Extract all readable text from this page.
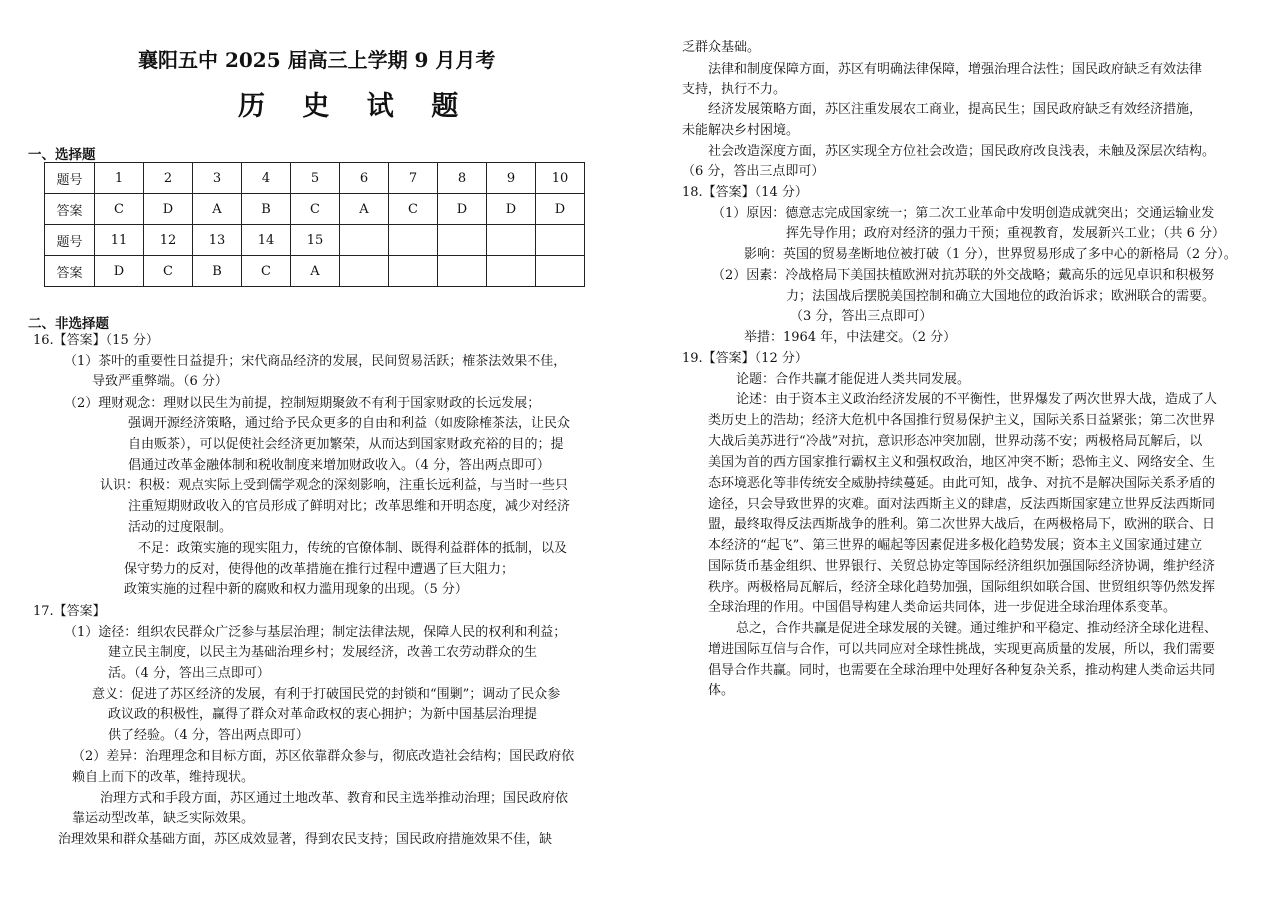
襄阳五中 2025 届高三上学期 9 月月考
历 史 试 题
一、选择题
题号	1	2	3	4	5	6	7	8	9	10
答案	C	D	A	B	C	A	C	D	D	D
题号	11	12	13	14	15					
答案	D	C	B	C	A					
二、非选择题
16.【答案】（15 分）
（1）茶叶的重要性日益提升；宋代商品经济的发展，民间贸易活跃；榷茶法效果不佳，
导致严重弊端。（6 分）
（2）理财观念：理财以民生为前提，控制短期聚敛不有利于国家财政的长远发展；
强调开源经济策略，通过给予民众更多的自由和利益（如废除榷茶法，让民众
自由贩茶），可以促使社会经济更加繁荣，从而达到国家财政充裕的目的；提
倡通过改革金融体制和税收制度来增加财政收入。（4 分，答出两点即可）
认识：积极：观点实际上受到儒学观念的深刻影响，注重长远利益，与当时一些只
注重短期财政收入的官员形成了鲜明对比；改革思维和开明态度，减少对经济
活动的过度限制。
不足：政策实施的现实阻力，传统的官僚体制、既得利益群体的抵制，以及
保守势力的反对，使得他的改革措施在推行过程中遭遇了巨大阻力；
政策实施的过程中新的腐败和权力滥用现象的出现。（5 分）
17.【答案】
（1）途径：组织农民群众广泛参与基层治理；制定法律法规，保障人民的权利和利益；
建立民主制度，以民主为基础治理乡村；发展经济，改善工农劳动群众的生
活。（4 分，答出三点即可）
意义：促进了苏区经济的发展，有利于打破国民党的封锁和“围剿”；调动了民众参
政议政的积极性，赢得了群众对革命政权的衷心拥护；为新中国基层治理提
供了经验。（4 分，答出两点即可）
（2）差异：治理理念和目标方面，苏区依靠群众参与，彻底改造社会结构；国民政府依
赖自上而下的改革，维持现状。
治理方式和手段方面，苏区通过土地改革、教育和民主选举推动治理；国民政府依
靠运动型改革，缺乏实际效果。
治理效果和群众基础方面，苏区成效显著，得到农民支持；国民政府措施效果不佳，缺
乏群众基础。
法律和制度保障方面，苏区有明确法律保障，增强治理合法性；国民政府缺乏有效法律
支持，执行不力。
经济发展策略方面，苏区注重发展农工商业，提高民生；国民政府缺乏有效经济措施，
未能解决乡村困境。
社会改造深度方面，苏区实现全方位社会改造；国民政府改良浅表，未触及深层次结构。
（6 分，答出三点即可）
18.【答案】（14 分）
（1）原因：德意志完成国家统一；第二次工业革命中发明创造成就突出；交通运输业发
挥先导作用；政府对经济的强力干预；重视教育，发展新兴工业；（共 6 分）
影响：英国的贸易垄断地位被打破（1 分），世界贸易形成了多中心的新格局（2 分）。
（2）因素：冷战格局下美国扶植欧洲对抗苏联的外交战略；戴高乐的远见卓识和积极努
力；法国战后摆脱美国控制和确立大国地位的政治诉求；欧洲联合的需要。
（3 分，答出三点即可）
举措：1964 年，中法建交。（2 分）
19.【答案】（12 分）
论题：合作共赢才能促进人类共同发展。
论述：由于资本主义政治经济发展的不平衡性，世界爆发了两次世界大战，造成了人
类历史上的浩劫；经济大危机中各国推行贸易保护主义，国际关系日益紧张；第二次世界
大战后美苏进行“冷战”对抗，意识形态冲突加剧，世界动荡不安；两极格局瓦解后，以
美国为首的西方国家推行霸权主义和强权政治，地区冲突不断；恐怖主义、网络安全、生
态环境恶化等非传统安全威胁持续蔓延。由此可知，战争、对抗不是解决国际关系矛盾的
途径，只会导致世界的灾难。面对法西斯主义的肆虐，反法西斯国家建立世界反法西斯同
盟，最终取得反法西斯战争的胜利。第二次世界大战后，在两极格局下，欧洲的联合、日
本经济的“起飞”、第三世界的崛起等因素促进多极化趋势发展；资本主义国家通过建立
国际货币基金组织、世界银行、关贸总协定等国际经济组织加强国际经济协调，维护经济
秩序。两极格局瓦解后，经济全球化趋势加强，国际组织如联合国、世贸组织等仍然发挥
全球治理的作用。中国倡导构建人类命运共同体，进一步促进全球治理体系变革。
总之，合作共赢是促进全球发展的关键。通过维护和平稳定、推动经济全球化进程、
增进国际互信与合作，可以共同应对全球性挑战，实现更高质量的发展，所以，我们需要
倡导合作共赢。同时，也需要在全球治理中处理好各种复杂关系，推动构建人类命运共同
体。
